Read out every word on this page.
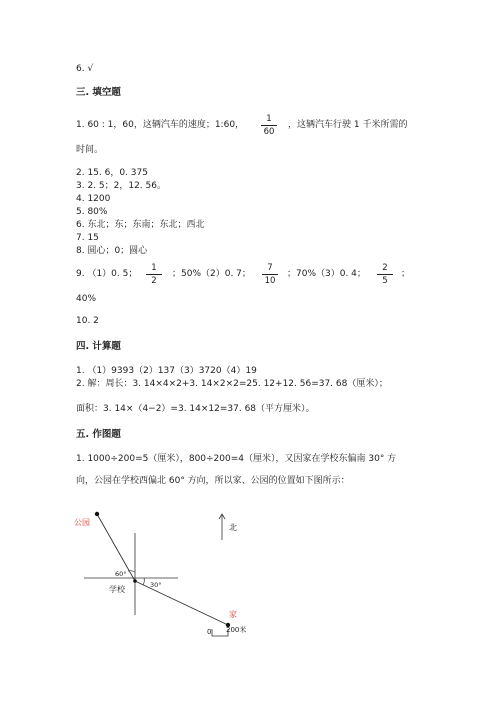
6. √
三. 填空题
1. 60 : 1，60，这辆汽车的速度；1:60，
1
60
，这辆汽车行驶 1 千米所需的
时间。
2. 15. 6，0. 375
3. 2. 5；2，12. 56。
4. 1200
5. 80%
6. 东北；东；东南；东北；西北
7. 15
8. 圆心；0；圆心
9. （1）0. 5；
1
2
；50%（2）0. 7；
7
10
；70%（3）0. 4；
2
5
；
40%
10. 2
四. 计算题
1. （1）9393（2）137（3）3720（4）19
2. 解：周长：3. 14×4×2+3. 14×2×2=25. 12+12. 56=37. 68（厘米）；
面积：3. 14×（4−2）=3. 14×12=37. 68（平方厘米）。
五. 作图题
1. 1000÷200=5（厘米），800÷200=4（厘米），又因家在学校东偏南 30° 方
向，公园在学校西偏北 60° 方向，所以家、公园的位置如下图所示：
公园
学校
家
北
60°
30°
0 200米
